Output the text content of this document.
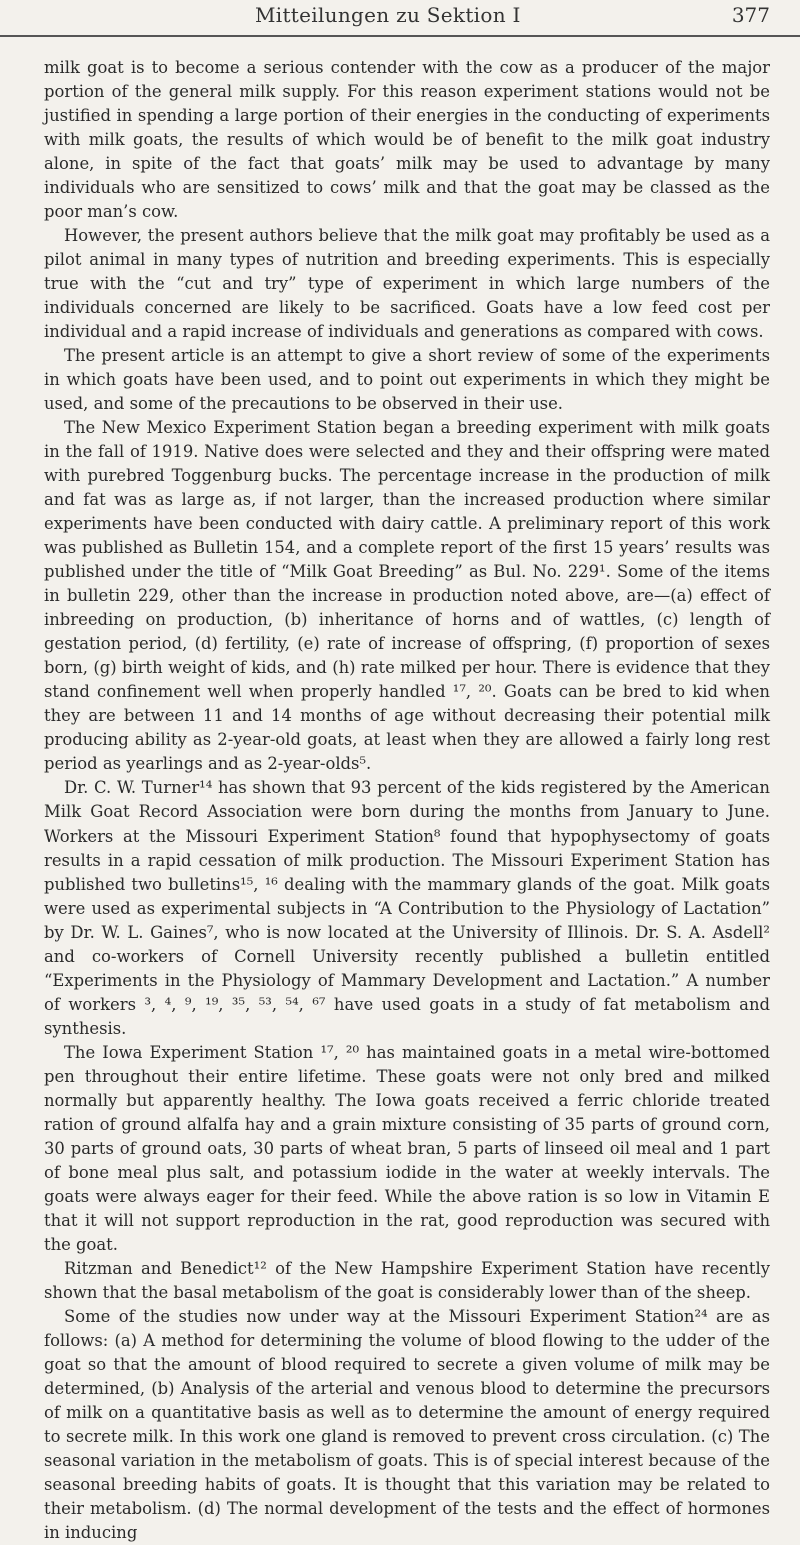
Mitteilungen zu Sektion I	377

milk goat is to become a serious contender with the cow as a producer of the major portion of the general milk supply. For this reason experiment stations would not be justified in spending a large portion of their energies in the conducting of experiments with milk goats, the results of which would be of benefit to the milk goat industry alone, in spite of the fact that goats’ milk may be used to advantage by many individuals who are sensitized to cows’ milk and that the goat may be classed as the poor man’s cow.

However, the present authors believe that the milk goat may profitably be used as a pilot animal in many types of nutrition and breeding experiments. This is especially true with the “cut and try” type of experiment in which large numbers of the individuals concerned are likely to be sacrificed. Goats have a low feed cost per individual and a rapid increase of individuals and generations as compared with cows.

The present article is an attempt to give a short review of some of the experiments in which goats have been used, and to point out experiments in which they might be used, and some of the precautions to be observed in their use.

The New Mexico Experiment Station began a breeding experiment with milk goats in the fall of 1919. Native does were selected and they and their offspring were mated with purebred Toggenburg bucks. The percentage increase in the production of milk and fat was as large as, if not larger, than the increased production where similar experiments have been conducted with dairy cattle. A preliminary report of this work was published as Bulletin 154, and a complete report of the first 15 years’ results was published under the title of “Milk Goat Breeding” as Bul. No. 229¹. Some of the items in bulletin 229, other than the increase in production noted above, are—(a) effect of inbreeding on production, (b) inheritance of horns and of wattles, (c) length of gestation period, (d) fertility, (e) rate of increase of offspring, (f) proportion of sexes born, (g) birth weight of kids, and (h) rate milked per hour. There is evidence that they stand confinement well when properly handled ¹⁷, ²⁰. Goats can be bred to kid when they are between 11 and 14 months of age without decreasing their potential milk producing ability as 2-year-old goats, at least when they are allowed a fairly long rest period as yearlings and as 2-year-olds⁵.

Dr. C. W. Turner¹⁴ has shown that 93 percent of the kids registered by the American Milk Goat Record Association were born during the months from January to June. Workers at the Missouri Experiment Station⁸ found that hypophysectomy of goats results in a rapid cessation of milk production. The Missouri Experiment Station has published two bulletins¹⁵, ¹⁶ dealing with the mammary glands of the goat. Milk goats were used as experimental subjects in “A Contribution to the Physiology of Lactation” by Dr. W. L. Gaines⁷, who is now located at the University of Illinois. Dr. S. A. Asdell² and co-workers of Cornell University recently published a bulletin entitled “Experiments in the Physiology of Mammary Development and Lactation.” A number of workers ³, ⁴, ⁹, ¹⁹, ³⁵, ⁵³, ⁵⁴, ⁶⁷ have used goats in a study of fat metabolism and synthesis.

The Iowa Experiment Station ¹⁷, ²⁰ has maintained goats in a metal wire-bottomed pen throughout their entire lifetime. These goats were not only bred and milked normally but apparently healthy. The Iowa goats received a ferric chloride treated ration of ground alfalfa hay and a grain mixture consisting of 35 parts of ground corn, 30 parts of ground oats, 30 parts of wheat bran, 5 parts of linseed oil meal and 1 part of bone meal plus salt, and potassium iodide in the water at weekly intervals. The goats were always eager for their feed. While the above ration is so low in Vitamin E that it will not support reproduction in the rat, good reproduction was secured with the goat.

Ritzman and Benedict¹² of the New Hampshire Experiment Station have recently shown that the basal metabolism of the goat is considerably lower than of the sheep.

Some of the studies now under way at the Missouri Experiment Station²⁴ are as follows: (a) A method for determining the volume of blood flowing to the udder of the goat so that the amount of blood required to secrete a given volume of milk may be determined, (b) Analysis of the arterial and venous blood to determine the precursors of milk on a quantitative basis as well as to determine the amount of energy required to secrete milk. In this work one gland is removed to prevent cross circulation. (c) The seasonal variation in the metabolism of goats. This is of special interest because of the seasonal breeding habits of goats. It is thought that this variation may be related to their metabolism. (d) The normal development of the tests and the effect of hormones in inducing
